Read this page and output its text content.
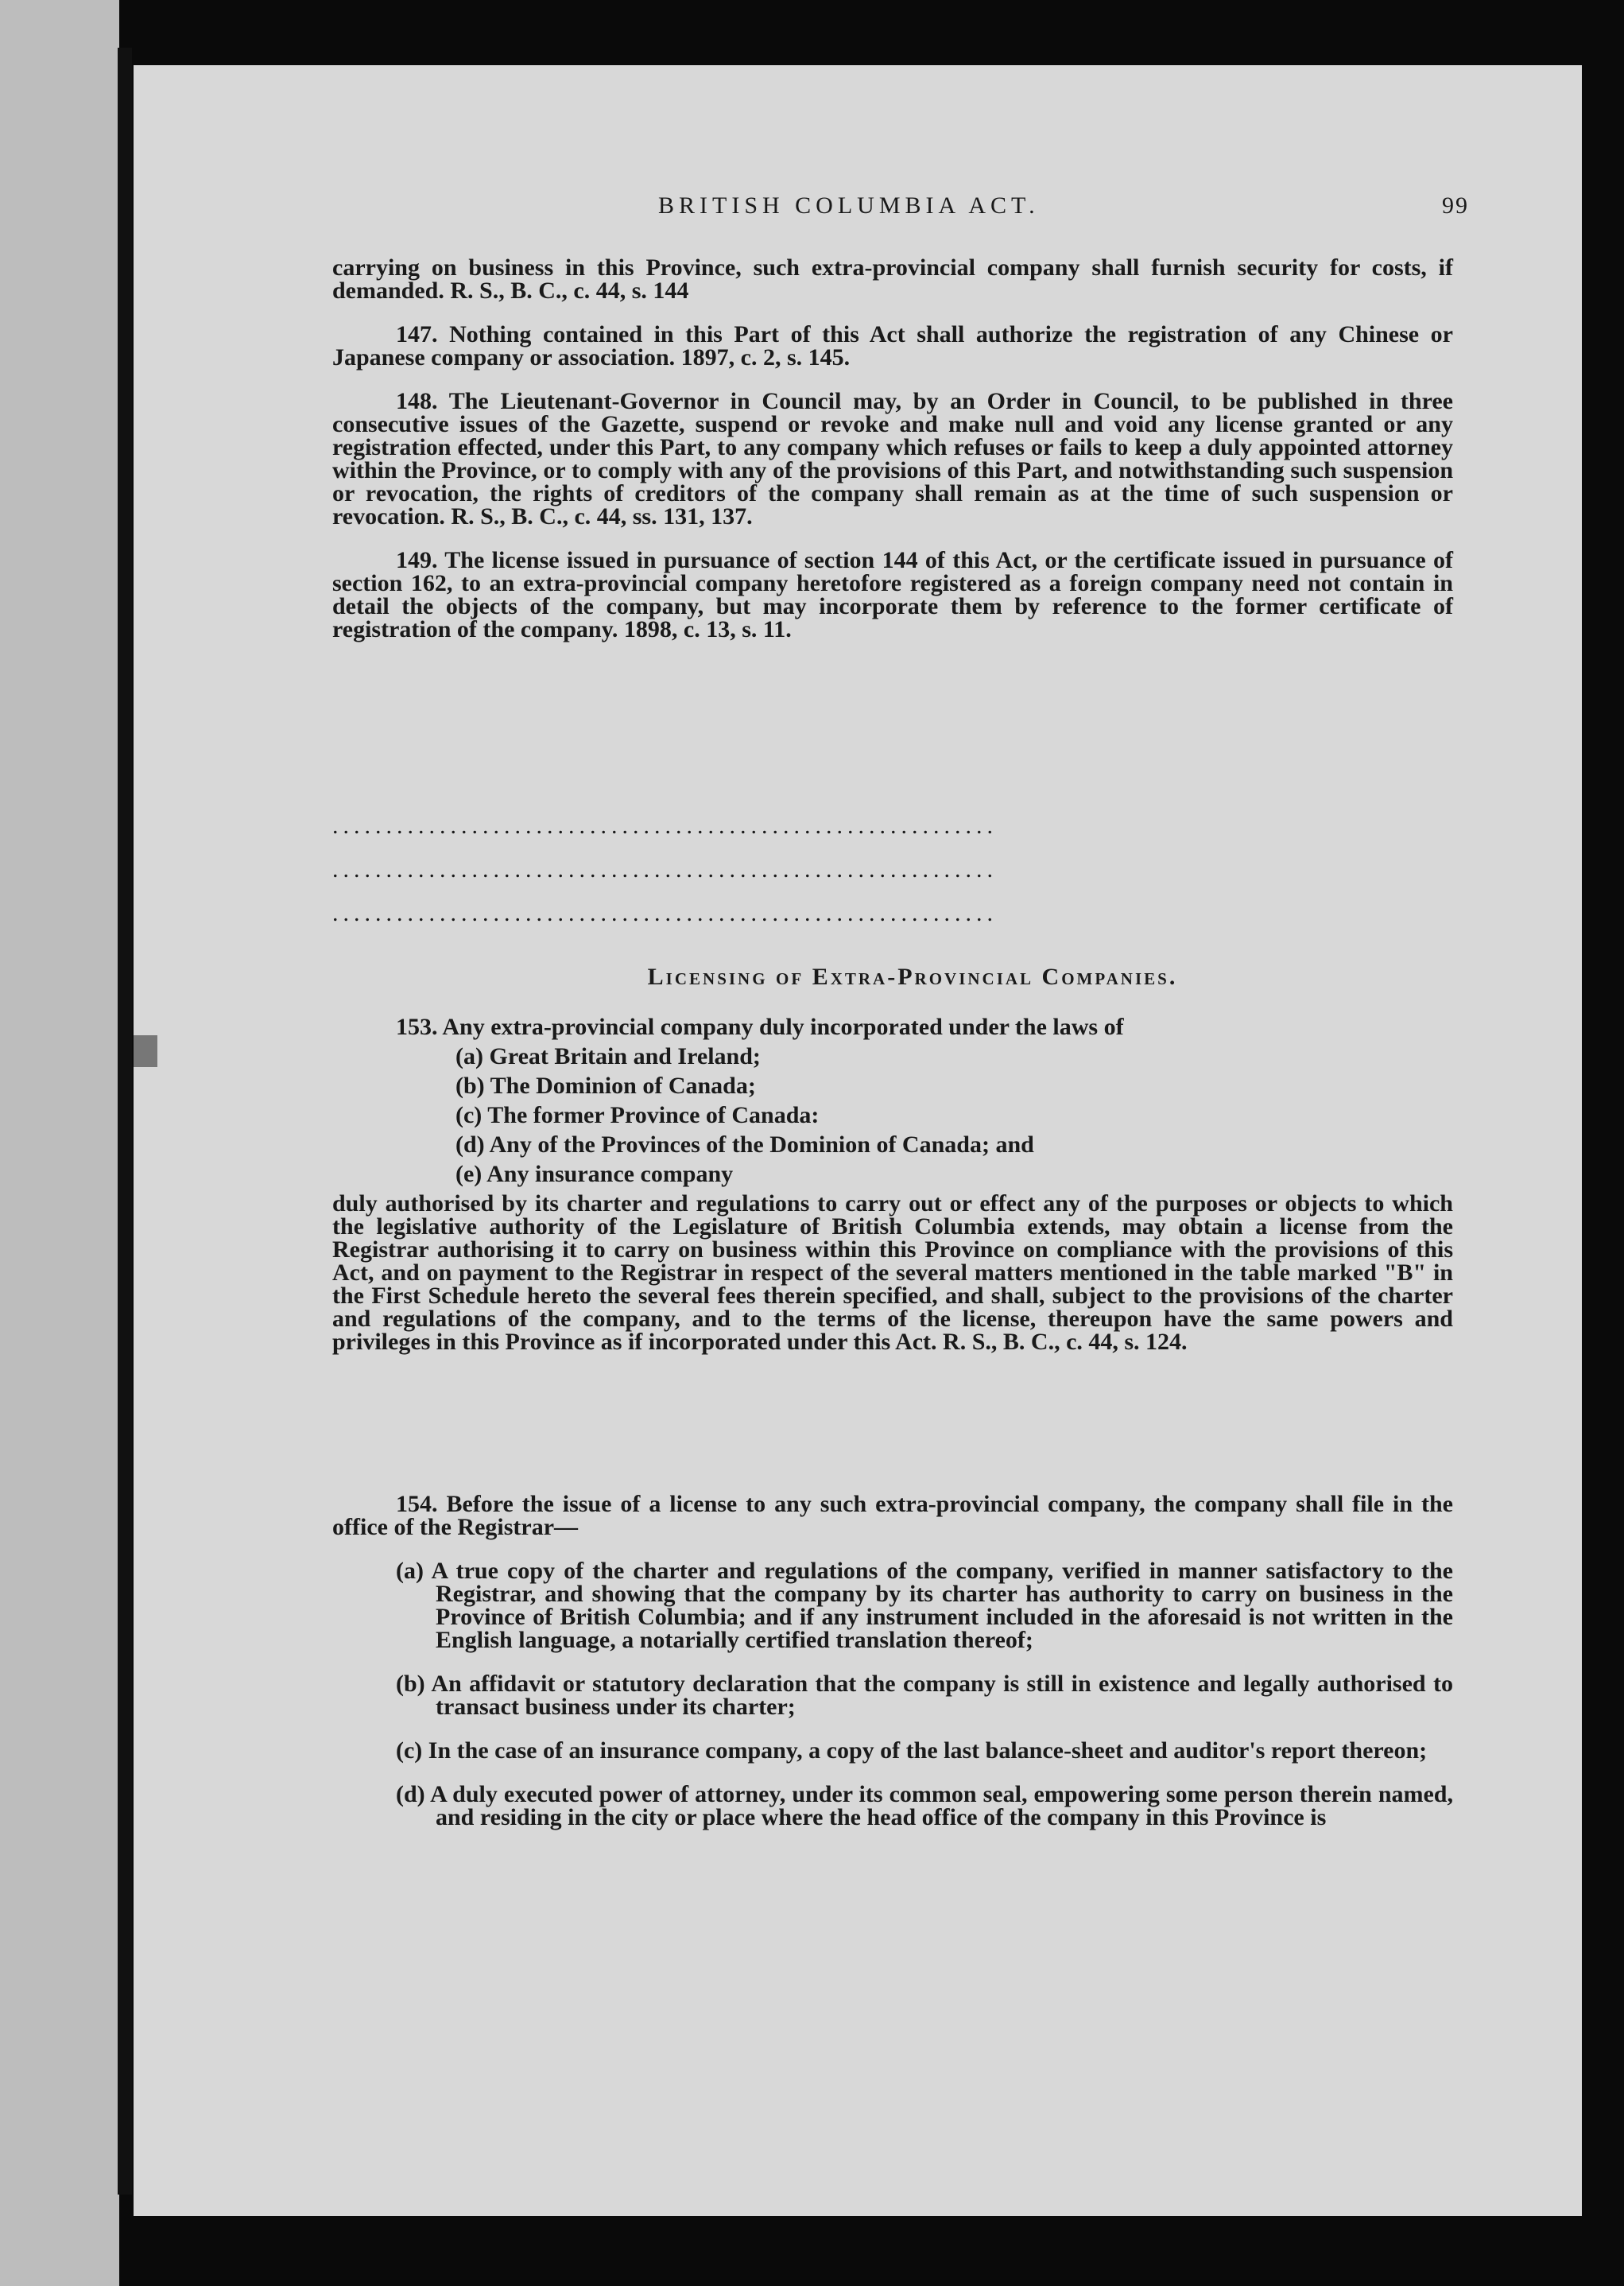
BRITISH COLUMBIA ACT.	99

carrying on business in this Province, such extra-provincial company shall furnish security for costs, if demanded. R. S., B. C., c. 44, s. 144

147. Nothing contained in this Part of this Act shall authorize the registration of any Chinese or Japanese company or association. 1897, c. 2, s. 145.

148. The Lieutenant-Governor in Council may, by an Order in Council, to be published in three consecutive issues of the Gazette, suspend or revoke and make null and void any license granted or any registration effected, under this Part, to any company which refuses or fails to keep a duly appointed attorney within the Province, or to comply with any of the provisions of this Part, and notwithstanding such suspension or revocation, the rights of creditors of the company shall remain as at the time of such suspension or revocation. R. S., B. C., c. 44, ss. 131, 137.

149. The license issued in pursuance of section 144 of this Act, or the certificate issued in pursuance of section 162, to an extra-provincial company heretofore registered as a foreign company need not contain in detail the objects of the company, but may incorporate them by reference to the former certificate of registration of the company. 1898, c. 13, s. 11.

..............................................................
..............................................................
..............................................................
Licensing of Extra-Provincial Companies.

153. Any extra-provincial company duly incorporated under the laws of

(a) Great Britain and Ireland;
(b) The Dominion of Canada;
(c) The former Province of Canada:
(d) Any of the Provinces of the Dominion of Canada; and
(e) Any insurance company

duly authorised by its charter and regulations to carry out or effect any of the purposes or objects to which the legislative authority of the Legislature of British Columbia extends, may obtain a license from the Registrar authorising it to carry on business within this Province on compliance with the provisions of this Act, and on payment to the Registrar in respect of the several matters mentioned in the table marked "B" in the First Schedule hereto the several fees therein specified, and shall, subject to the provisions of the charter and regulations of the company, and to the terms of the license, thereupon have the same powers and privileges in this Province as if incorporated under this Act. R. S., B. C., c. 44, s. 124.

154. Before the issue of a license to any such extra-provincial company, the company shall file in the office of the Registrar—

(a) A true copy of the charter and regulations of the company, verified in manner satisfactory to the Registrar, and showing that the company by its charter has authority to carry on business in the Province of British Columbia; and if any instrument included in the aforesaid is not written in the English language, a notarially certified translation thereof;

(b) An affidavit or statutory declaration that the company is still in existence and legally authorised to transact business under its charter;

(c) In the case of an insurance company, a copy of the last balance-sheet and auditor's report thereon;

(d) A duly executed power of attorney, under its common seal, empowering some person therein named, and residing in the city or place where the head office of the company in this Province is
